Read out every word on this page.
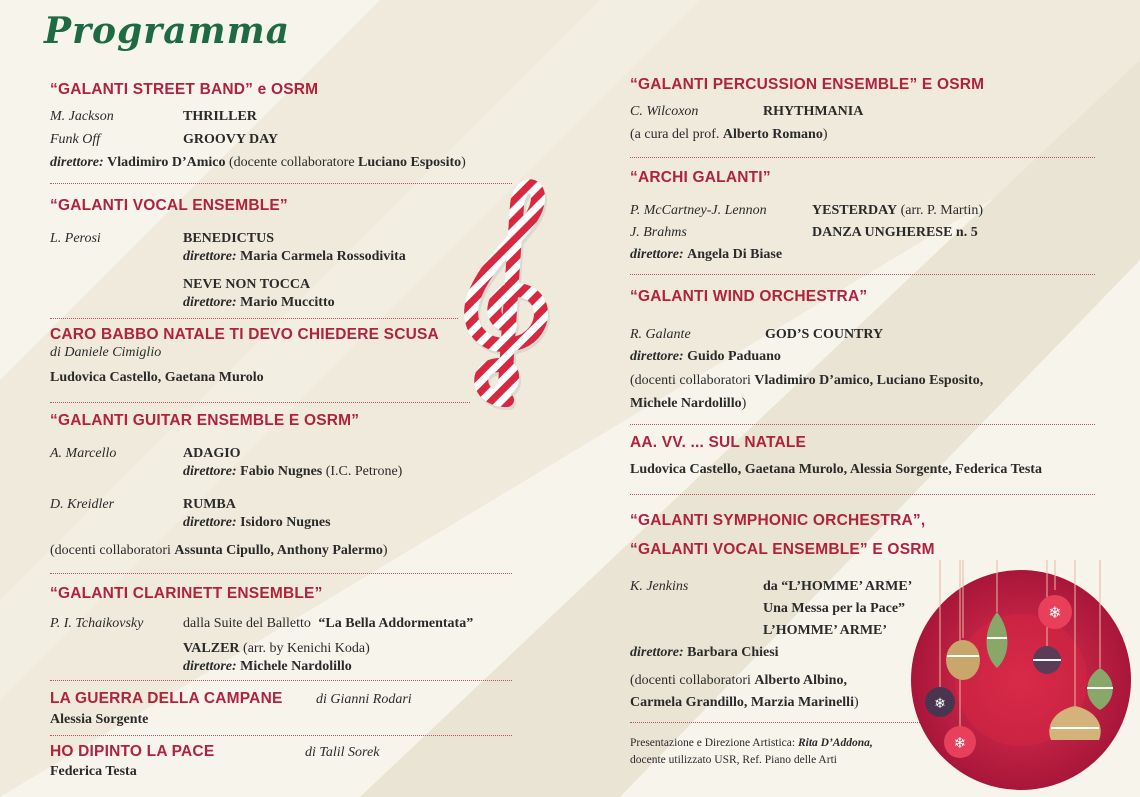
Programma
“GALANTI STREET BAND” e OSRM
M. Jackson	THRILLER
Funk Off	GROOVY DAY
direttore: Vladimiro D’Amico (docente collaboratore Luciano Esposito)
“GALANTI VOCAL ENSEMBLE”
L. Perosi	BENEDICTUS
direttore: Maria Carmela Rossodivita
NEVE NON TOCCA
direttore: Mario Muccitto
CARO BABBO NATALE TI DEVO CHIEDERE SCUSA
di Daniele Cimiglio
Ludovica Castello, Gaetana Murolo
“GALANTI GUITAR ENSEMBLE E OSRM”
A. Marcello	ADAGIO
direttore: Fabio Nugnes (I.C. Petrone)
D. Kreidler	RUMBA
direttore: Isidoro Nugnes
(docenti collaboratori Assunta Cipullo, Anthony Palermo)
“GALANTI CLARINETT ENSEMBLE”
P. I. Tchaikovsky	dalla Suite del Balletto “La Bella Addormentata”
VALZER (arr. by Kenichi Koda)
direttore: Michele Nardolillo
LA GUERRA DELLA CAMPANE di Gianni Rodari
Alessia Sorgente
HO DIPINTO LA PACE	di Talil Sorek
Federica Testa
“GALANTI PERCUSSION ENSEMBLE” E OSRM
C. Wilcoxon	RHYTHMANIA
(a cura del prof. Alberto Romano)
“ARCHI GALANTI”
P. McCartney-J. Lennon	YESTERDAY (arr. P. Martin)
J. Brahms	DANZA UNGHERESE n. 5
direttore: Angela Di Biase
“GALANTI WIND ORCHESTRA”
R. Galante	GOD’S COUNTRY
direttore: Guido Paduano
(docenti collaboratori Vladimiro D’amico, Luciano Esposito,
Michele Nardolillo)
AA. VV. ... SUL NATALE
Ludovica Castello, Gaetana Murolo, Alessia Sorgente, Federica Testa
“GALANTI SYMPHONIC ORCHESTRA”,
“GALANTI VOCAL ENSEMBLE” E OSRM
K. Jenkins	da “L’HOMME’ ARME’
Una Messa per la Pace”
L’HOMME’ ARME’
direttore: Barbara Chiesi
(docenti collaboratori Alberto Albino,
Carmela Grandillo, Marzia Marinelli)
Presentazione e Direzione Artistica: Rita D’Addona,
docente utilizzato USR, Ref. Piano delle Arti
❄
❄
❄
